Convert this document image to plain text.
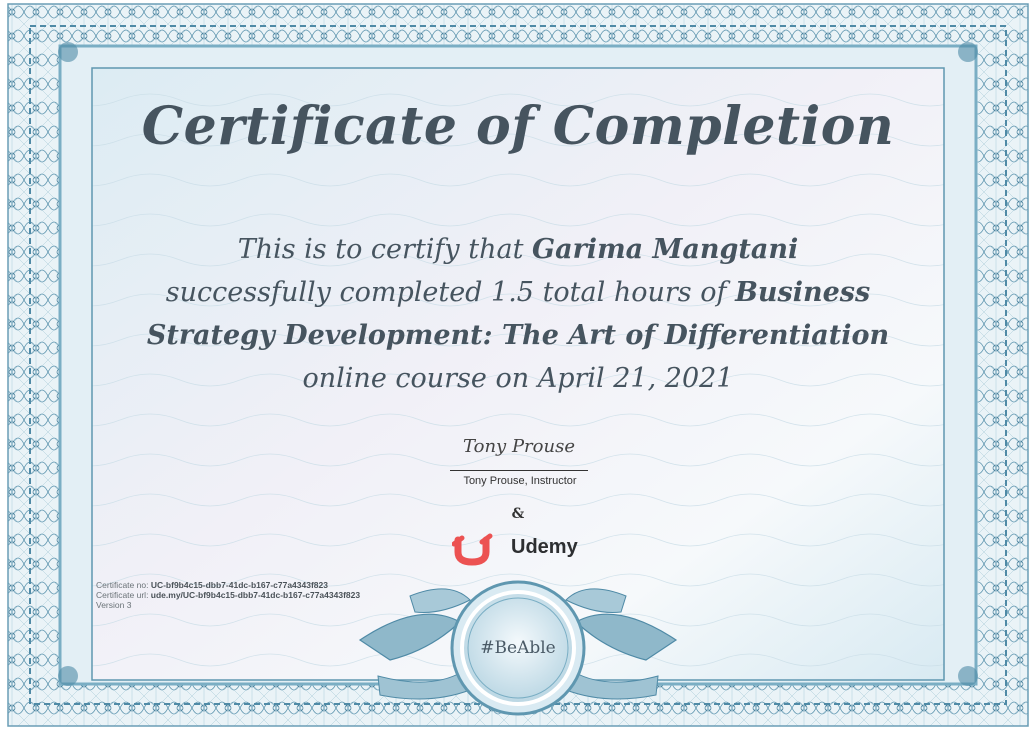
Certificate of Completion
This is to certify that Garima Mangtani
successfully completed 1.5 total hours of Business Strategy Development: The Art of Differentiation
online course on April 21, 2021
Tony Prouse
Tony Prouse, Instructor
&
Udemy
Certificate no: UC-bf9b4c15-dbb7-41dc-b167-c77a4343f823
Certificate url: ude.my/UC-bf9b4c15-dbb7-41dc-b167-c77a4343f823
Version 3
#BeAble
